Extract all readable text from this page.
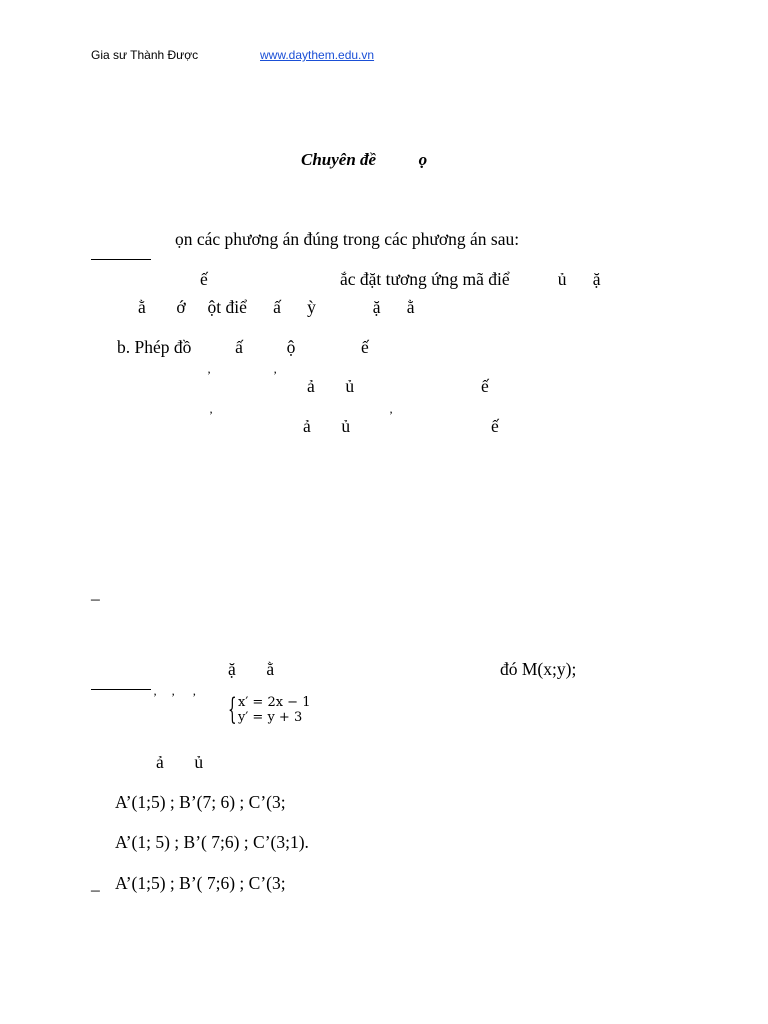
Gia sư Thành Được	www.daythem.edu.vn
Chuyên đề          ọ
ọn các phương án đúng trong các phương án sau:
ế	ắc đặt tương ứng mã điể           ủ      ặ
ằ       ớ     ột điể      ấ      ỳ             ặ      ằ
b. Phép đồ          ấ          ộ               ế
’                     ’
ả       ủ                             ế
’
ả       ủ
’
ế
_
ặ       ằ	đó M(x;y);
’     ’      ’ { x′ = 2x − 1
y′ = y + 3
ả       ủ
A’(1;5) ; B’(7; 6) ; C’(3;
A’(1; 5) ; B’( 7;6) ; C’(3;1).
_ A’(1;5) ; B’( 7;6) ; C’(3;
